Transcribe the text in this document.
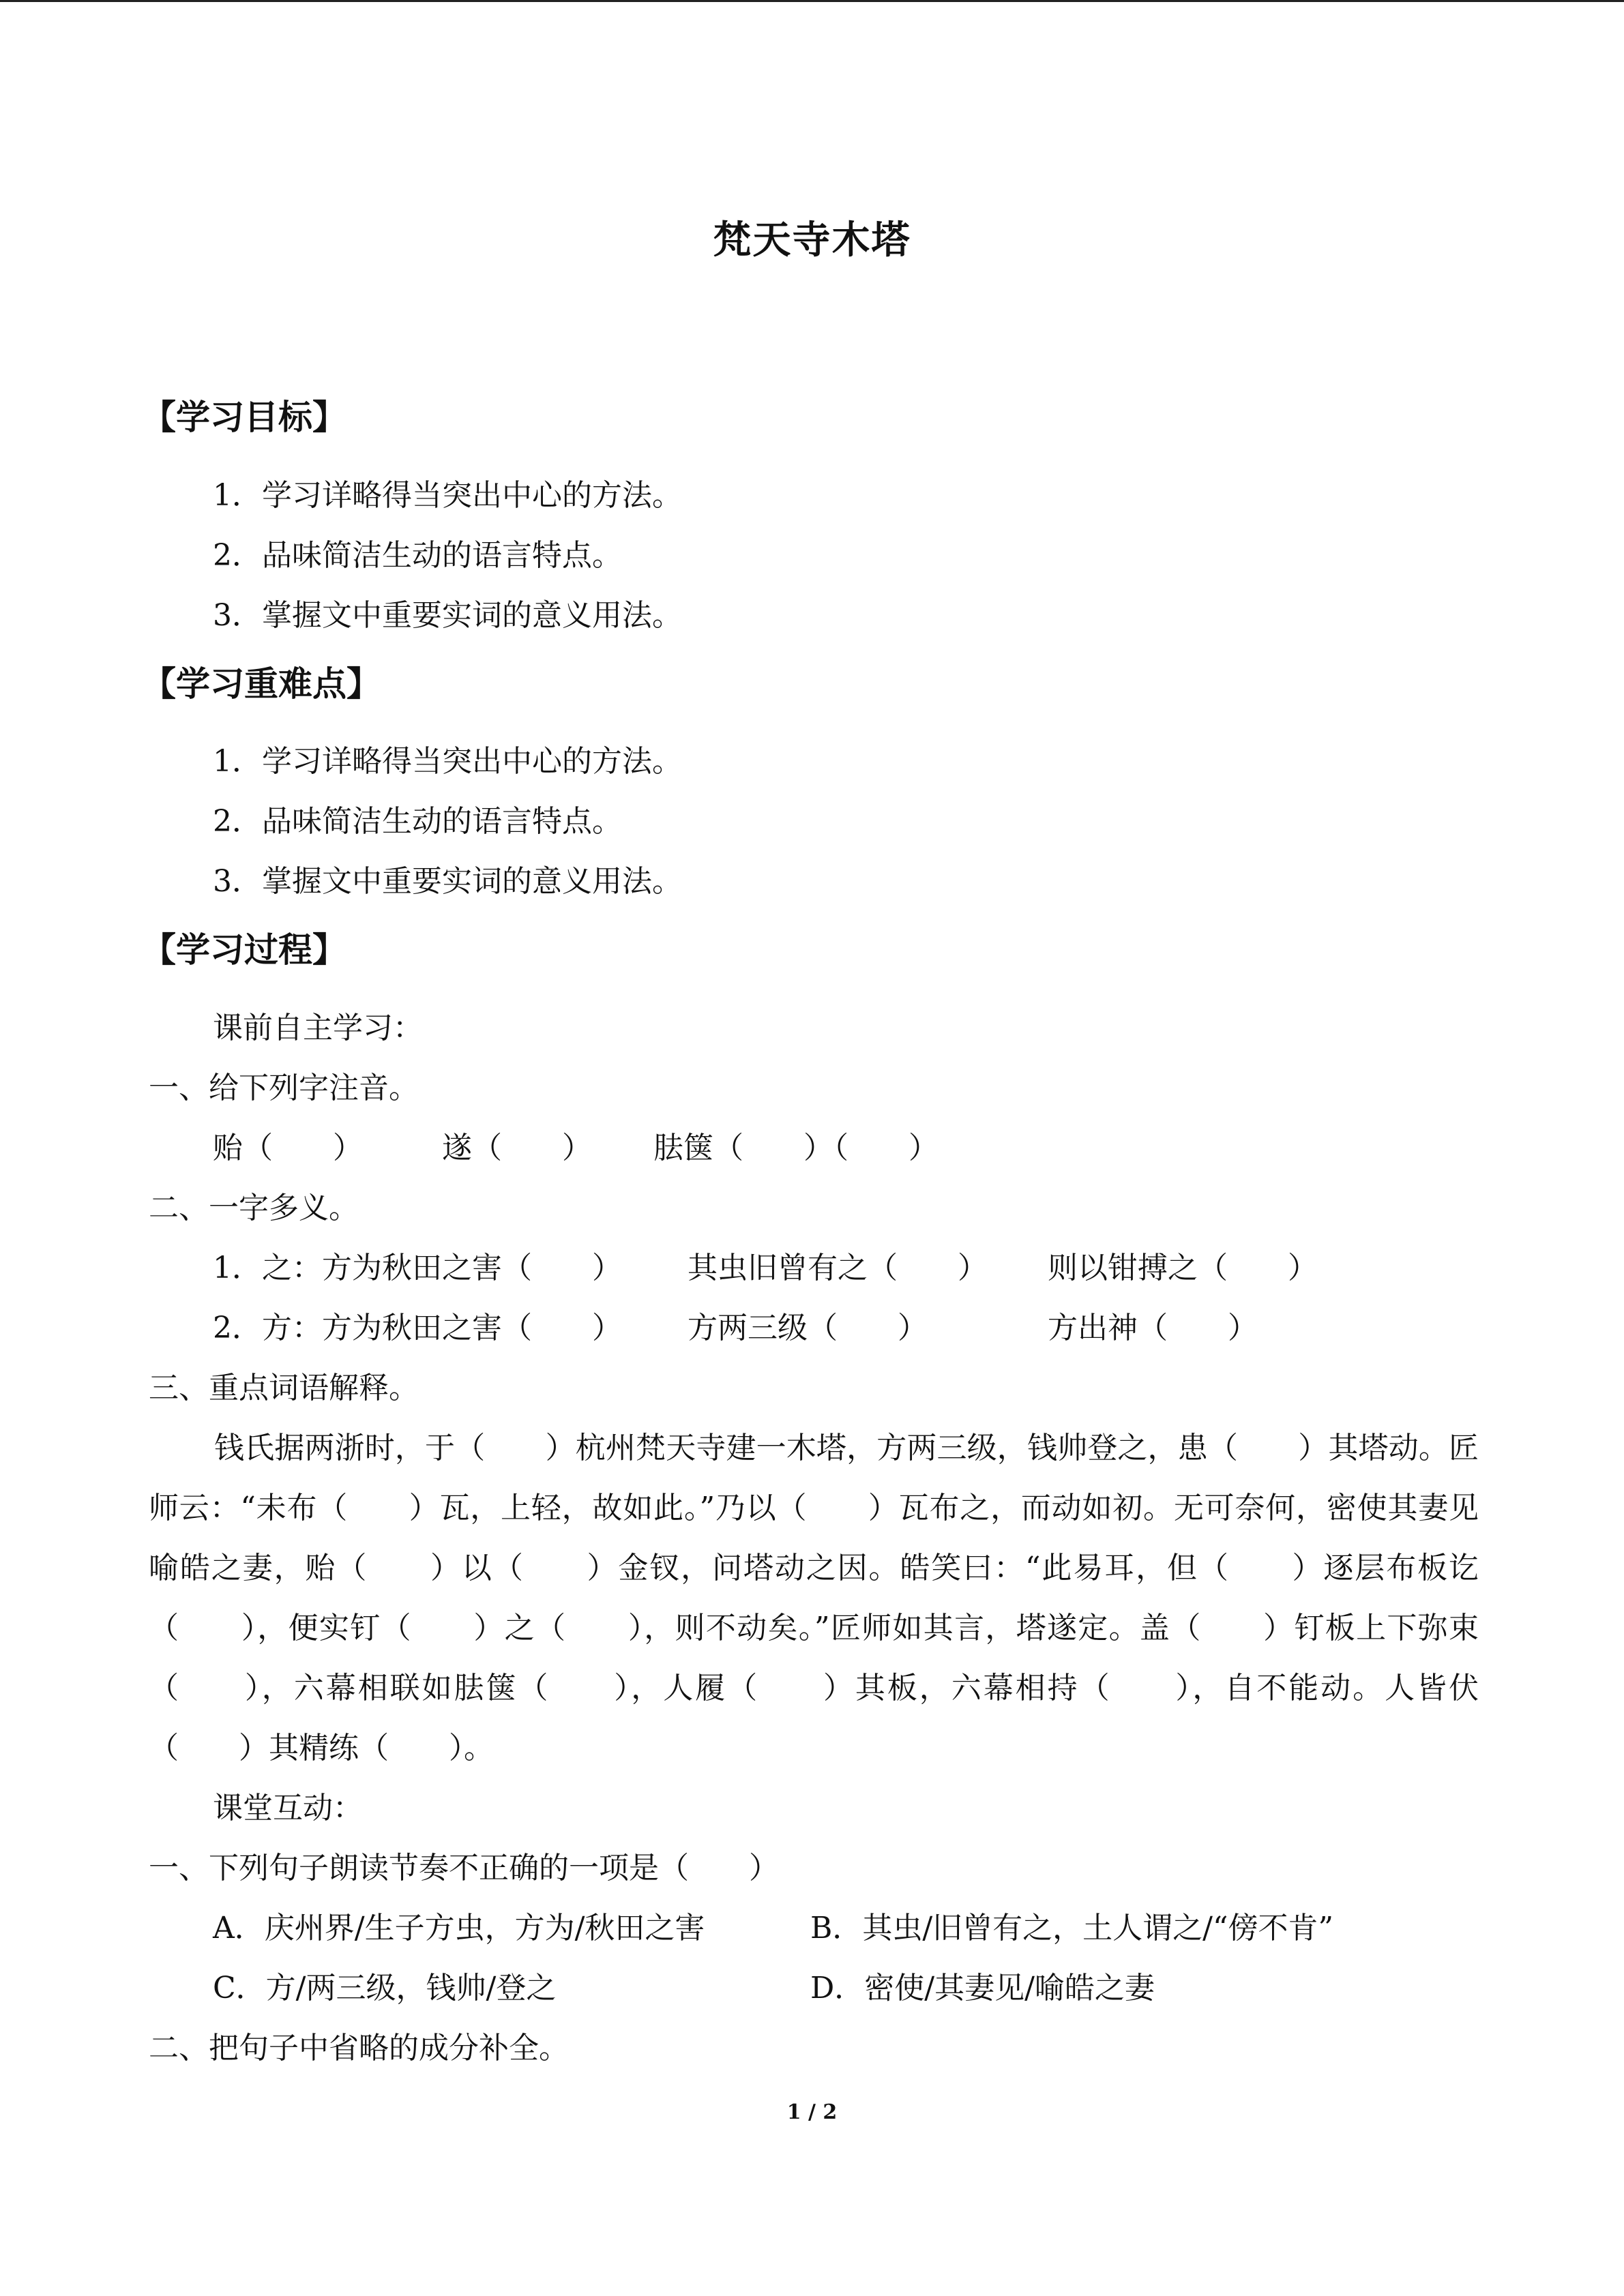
梵天寺木塔
【学习目标】
1．学习详略得当突出中心的方法。
2．品味简洁生动的语言特点。
3．掌握文中重要实词的意义用法。
【学习重难点】
1．学习详略得当突出中心的方法。
2．品味简洁生动的语言特点。
3．掌握文中重要实词的意义用法。
【学习过程】
课前自主学习：
一、给下列字注音。
贻（　　）	遂（　　） 胠箧（　　）（　　）
二、一字多义。
1．之：方为秋田之害（　　） 其虫旧曾有之（　　） 则以钳搏之（　　）
2．方：方为秋田之害（　　） 方两三级（　　）	方出神（　　）
三、重点词语解释。
钱氏据两浙时，于（　　）杭州梵天寺建一木塔，方两三级，钱帅登之，患（　　）其塔动。匠师云：“未布（　　）瓦，上轻，故如此。”乃以（　　）瓦布之，而动如初。无可奈何，密使其妻见喻皓之妻，贻（　　）以（　　）金钗，问塔动之因。皓笑曰：“此易耳，但（　　）逐层布板讫（　　），便实钉（　　）之（　　），则不动矣。”匠师如其言，塔遂定。盖（　　）钉板上下弥束（　　），六幕相联如胠箧（　　），人履（　　）其板，六幕相持（　　），自不能动。人皆伏（　　）其精练（　　）。
课堂互动：
一、下列句子朗读节奏不正确的一项是（　　）
A．庆州界/生子方虫，方为/秋田之害	B．其虫/旧曾有之，土人谓之/“傍不肯”
C．方/两三级，钱帅/登之	D．密使/其妻见/喻皓之妻
二、把句子中省略的成分补全。
1 / 2
